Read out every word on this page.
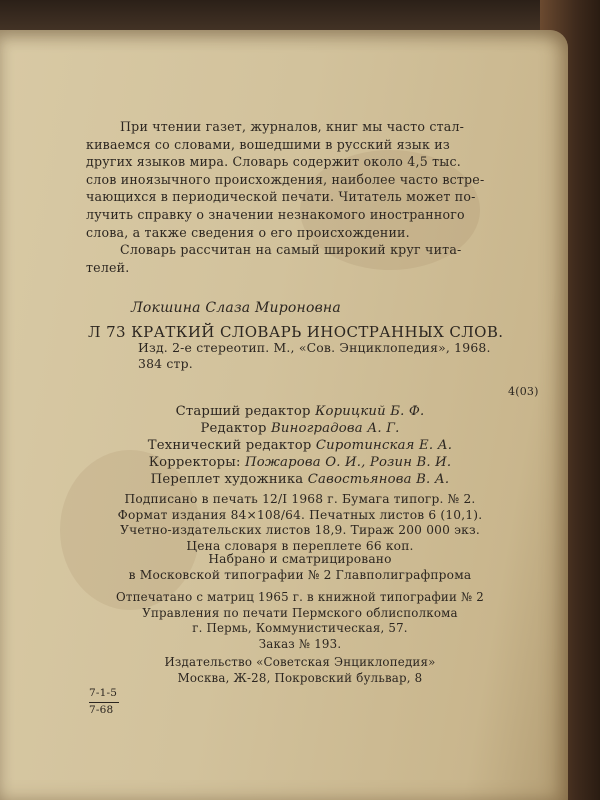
При чтении газет, журналов, книг мы часто стал-

киваемся со словами, вошедшими в русский язык из

других языков мира. Словарь содержит около 4,5 тыс.

слов иноязычного происхождения, наиболее часто встре-

чающихся в периодической печати. Читатель может по-

лучить справку о значении незнакомого иностранного

слова, а также сведения о его происхождении.

Словарь рассчитан на самый широкий круг чита-

телей.

Локшина Слаза Мироновна
Л 73 КРАТКИЙ СЛОВАРЬ ИНОСТРАННЫХ СЛОВ.
Изд. 2-е стереотип. М., «Сов. Энциклопедия», 1968.
384 стр.
4(03)
Старший редактор Корицкий Б. Ф.
Редактор Виноградова А. Г.
Технический редактор Сиротинская Е. А.
Корректоры: Пожарова О. И., Розин В. И.
Переплет художника Савостьянова В. А.
Подписано в печать 12/I 1968 г. Бумага типогр. № 2.
Формат издания 84×108/64. Печатных листов 6 (10,1).
Учетно-издательских листов 18,9. Тираж 200 000 экз.
Цена словаря в переплете 66 коп.
Набрано и сматрицировано
в Московской типографии № 2 Главполиграфпрома
Отпечатано с матриц 1965 г. в книжной типографии № 2
Управления по печати Пермского облисполкома
г. Пермь, Коммунистическая, 57.
Заказ № 193.
Издательство «Советская Энциклопедия»
Москва, Ж-28, Покровский бульвар, 8
7-1-5
7-68
